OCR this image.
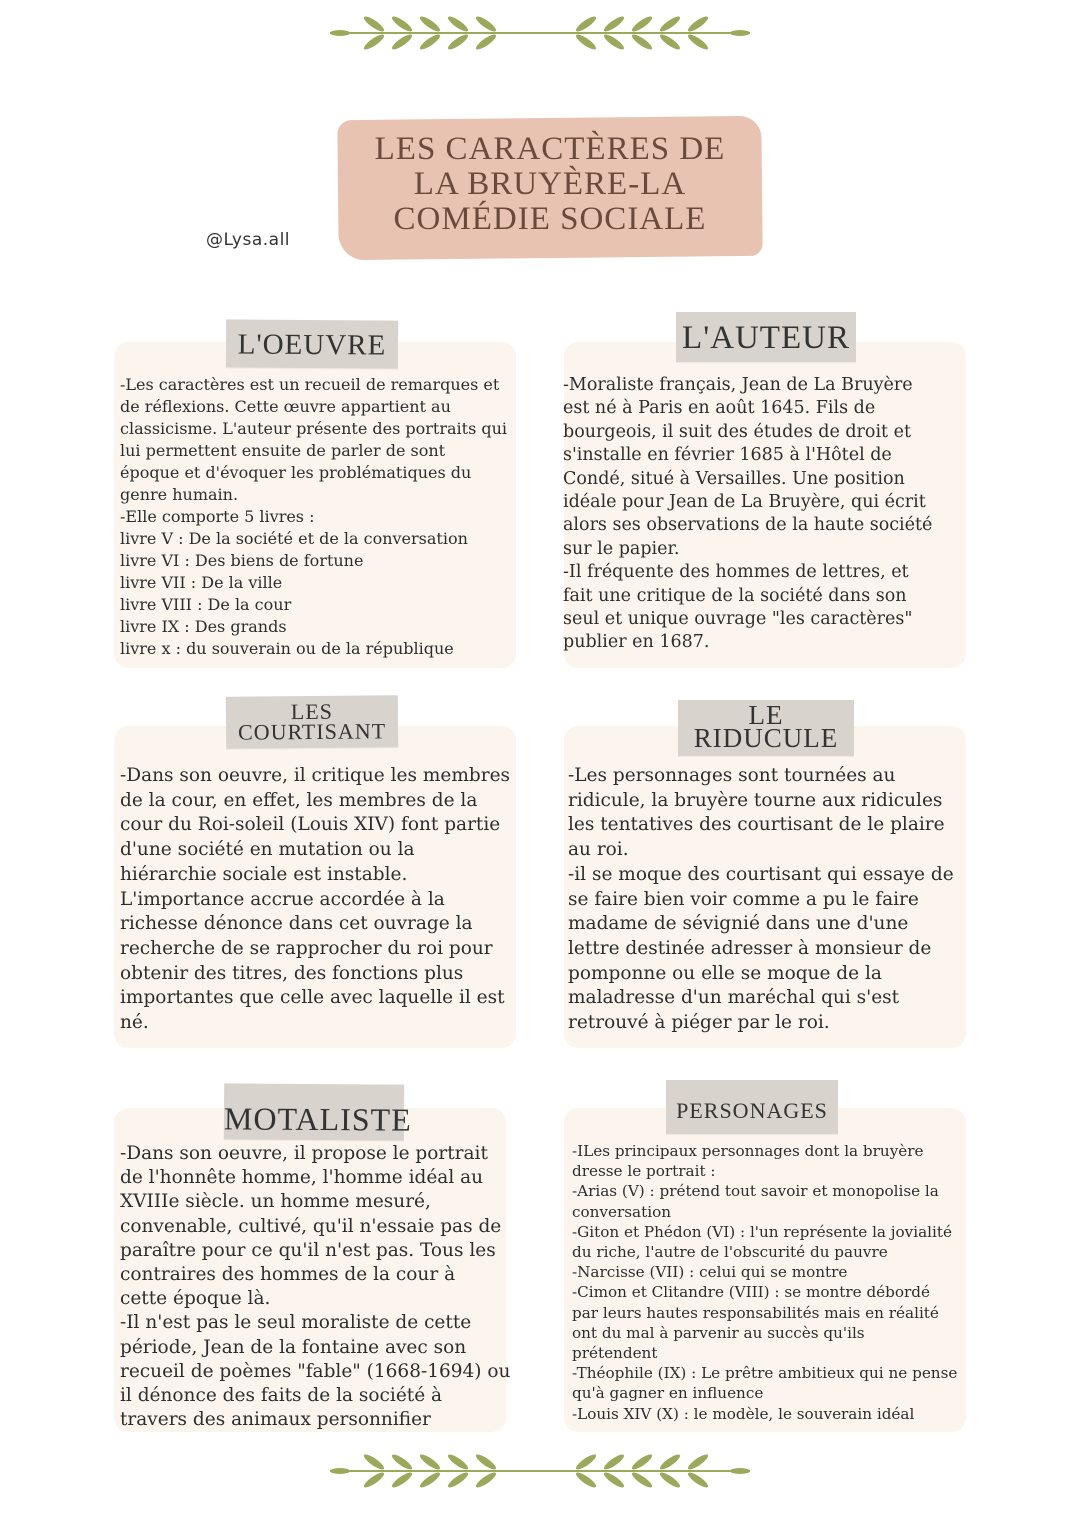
LES CARACTÈRES DE
LA BRUYÈRE-LA
COMÉDIE SOCIALE
@Lysa.all
L'OEUVRE

-Les caractères est un recueil de remarques et
de réflexions. Cette œuvre appartient au
classicisme. L'auteur présente des portraits qui
lui permettent ensuite de parler de sont
époque et d'évoquer les problématiques du
genre humain.
-Elle comporte 5 livres :
livre V : De la société et de la conversation
livre VI : Des biens de fortune
livre VII : De la ville
livre VIII : De la cour
livre IX : Des grands
livre x : du souverain ou de la république

L'AUTEUR

-Moraliste français, Jean de La Bruyère
est né à Paris en août 1645. Fils de
bourgeois, il suit des études de droit et
s'installe en février 1685 à l'Hôtel de
Condé, situé à Versailles. Une position
idéale pour Jean de La Bruyère, qui écrit
alors ses observations de la haute société
sur le papier.
-Il fréquente des hommes de lettres, et
fait une critique de la société dans son
seul et unique ouvrage "les caractères"
publier en 1687.

LES
COURTISANT

-Dans son oeuvre, il critique les membres
de la cour, en effet, les membres de la
cour du Roi-soleil (Louis XIV) font partie
d'une société en mutation ou la
hiérarchie sociale est instable.
L'importance accrue accordée à la
richesse dénonce dans cet ouvrage la
recherche de se rapprocher du roi pour
obtenir des titres, des fonctions plus
importantes que celle avec laquelle il est
né.

LE
RIDUCULE

-Les personnages sont tournées au
ridicule, la bruyère tourne aux ridicules
les tentatives des courtisant de le plaire
au roi.
-il se moque des courtisant qui essaye de
se faire bien voir comme a pu le faire
madame de sévignié dans une d'une
lettre destinée adresser à monsieur de
pomponne ou elle se moque de la
maladresse d'un maréchal qui s'est
retrouvé à piéger par le roi.

MOTALISTE

-Dans son oeuvre, il propose le portrait
de l'honnête homme, l'homme idéal au
XVIIIe siècle. un homme mesuré,
convenable, cultivé, qu'il n'essaie pas de
paraître pour ce qu'il n'est pas. Tous les
contraires des hommes de la cour à
cette époque là.
-Il n'est pas le seul moraliste de cette
période, Jean de la fontaine avec son
recueil de poèmes "fable" (1668-1694) ou
il dénonce des faits de la société à
travers des animaux personnifier

PERSONAGES

-ILes principaux personnages dont la bruyère
dresse le portrait :
-Arias (V) : prétend tout savoir et monopolise la
conversation
-Giton et Phédon (VI) : l'un représente la jovialité
du riche, l'autre de l'obscurité du pauvre
-Narcisse (VII) : celui qui se montre
-Cimon et Clitandre (VIII) : se montre débordé
par leurs hautes responsabilités mais en réalité
ont du mal à parvenir au succès qu'ils
prétendent
-Théophile (IX) : Le prêtre ambitieux qui ne pense
qu'à gagner en influence
-Louis XIV (X) : le modèle, le souverain idéal
